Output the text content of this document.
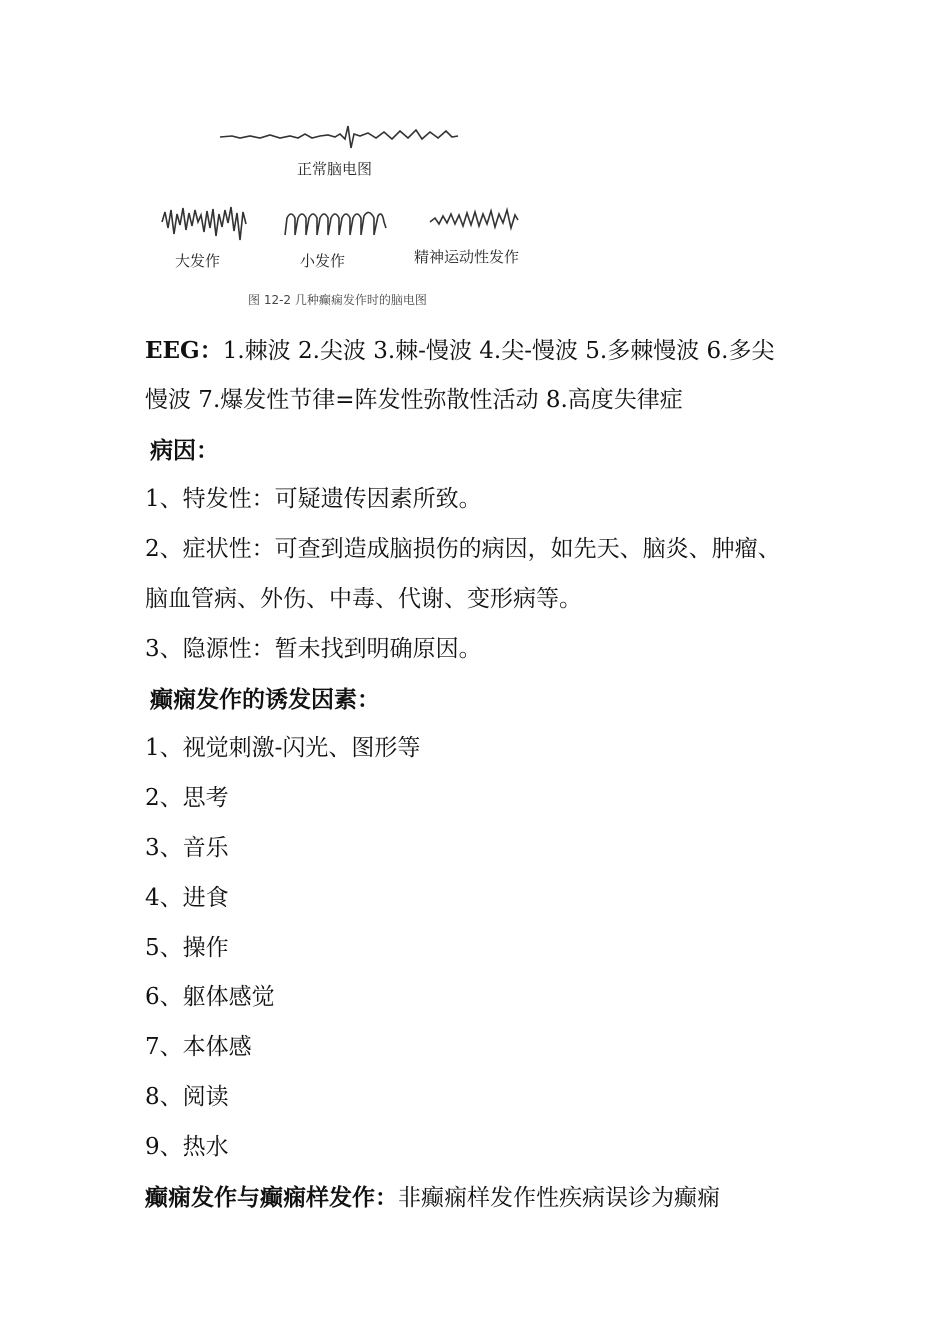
正常脑电图
大发作	小发作	精神运动性发作
图 12-2 几种癫痫发作时的脑电图
EEG：1.棘波 2.尖波 3.棘-慢波 4.尖-慢波 5.多棘慢波 6.多尖
慢波 7.爆发性节律=阵发性弥散性活动 8.高度失律症
病因：
1、特发性：可疑遗传因素所致。
2、症状性：可查到造成脑损伤的病因，如先天、脑炎、肿瘤、
脑血管病、外伤、中毒、代谢、变形病等。
3、隐源性：暂未找到明确原因。
癫痫发作的诱发因素：
1、视觉刺激-闪光、图形等
2、思考
3、音乐
4、进食
5、操作
6、躯体感觉
7、本体感
8、阅读
9、热水
癫痫发作与癫痫样发作：非癫痫样发作性疾病误诊为癫痫
